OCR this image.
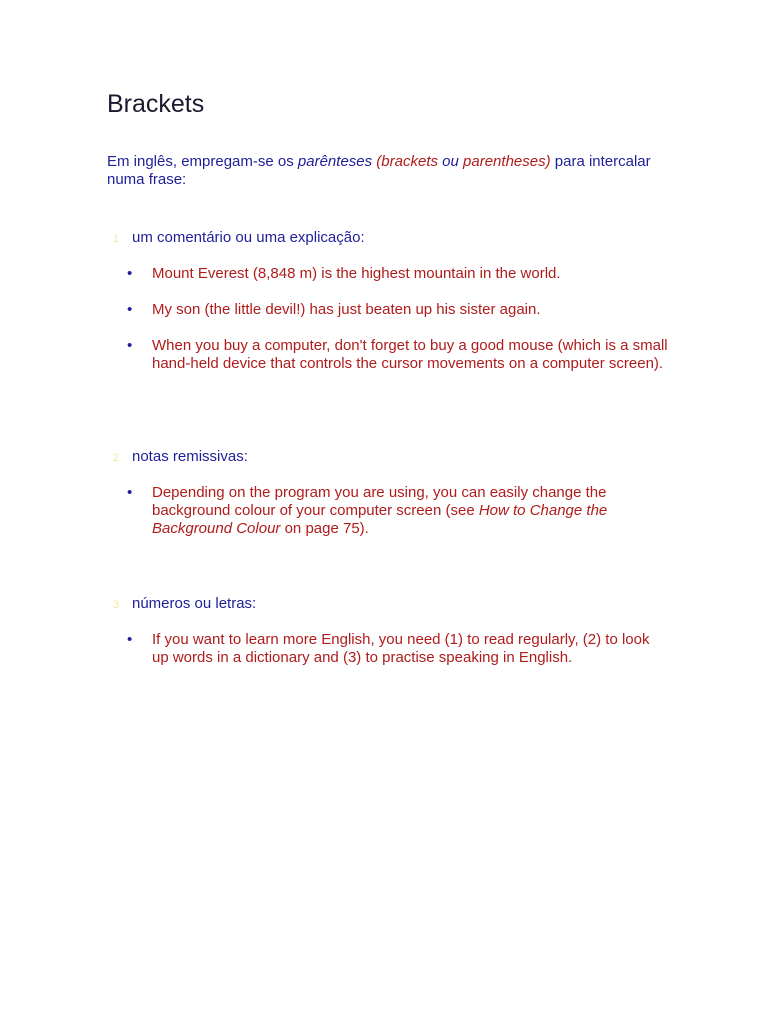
Brackets

Em inglês, empregam-se os parênteses (brackets ou parentheses) para intercalar numa frase:

1 um comentário ou uma explicação:
• Mount Everest (8,848 m) is the highest mountain in the world.
• My son (the little devil!) has just beaten up his sister again.
• When you buy a computer, don't forget to buy a good mouse (which is a small hand-held device that controls the cursor movements on a computer screen).
2 notas remissivas:
• Depending on the program you are using, you can easily change the background colour of your computer screen (see How to Change the Background Colour on page 75).
3 números ou letras:
• If you want to learn more English, you need (1) to read regularly, (2) to look up words in a dictionary and (3) to practise speaking in English.
